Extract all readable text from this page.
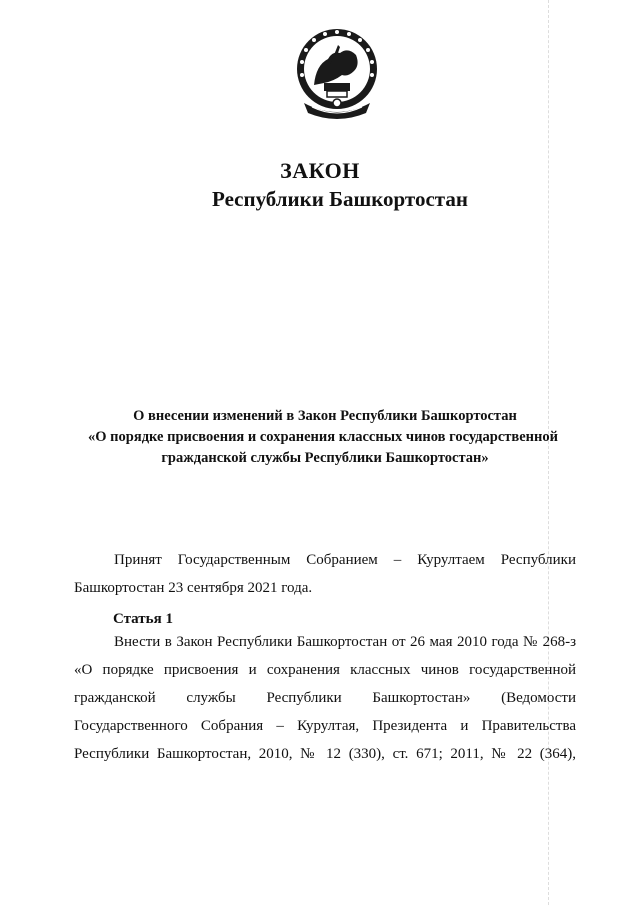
ЗАКОН
Республики Башкортостан
О внесении изменений в Закон Республики Башкортостан
«О порядке присвоения и сохранения классных чинов государственной
гражданской службы Республики Башкортостан»
Принят Государственным Собранием – Курултаем Республики
Башкортостан 23 сентября 2021 года.
Статья 1
Внести в Закон Республики Башкортостан от 26 мая 2010 года № 268-з
«О порядке присвоения и сохранения классных чинов государственной
гражданской службы Республики Башкортостан» (Ведомости
Государственного Собрания – Курултая, Президента и Правительства
Республики Башкортостан, 2010, № 12 (330), ст. 671; 2011, № 22 (364),
